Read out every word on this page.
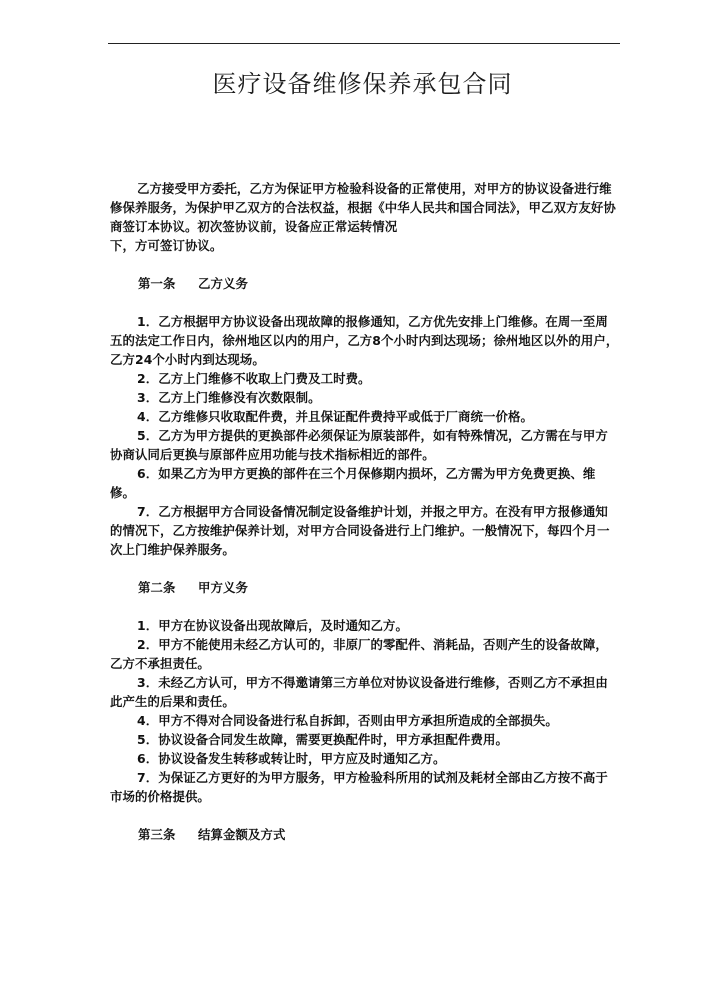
医疗设备维修保养承包合同

乙方接受甲方委托，乙方为保证甲方检验科设备的正常使用，对甲方的协议设备进行维修保养服务，为保护甲乙双方的合法权益，根据《中华人民共和国合同法》，甲乙双方友好协商签订本协议。初次签协议前，设备应正常运转情况

下，方可签订协议。

第一条 乙方义务

1．乙方根据甲方协议设备出现故障的报修通知，乙方优先安排上门维修。在周一至周五的法定工作日内，徐州地区以内的用户，乙方8个小时内到达现场；徐州地区以外的用户，乙方24个小时内到达现场。

2．乙方上门维修不收取上门费及工时费。

3．乙方上门维修没有次数限制。

4．乙方维修只收取配件费，并且保证配件费持平或低于厂商统一价格。

5．乙方为甲方提供的更换部件必须保证为原装部件，如有特殊情况，乙方需在与甲方协商认同后更换与原部件应用功能与技术指标相近的部件。

6．如果乙方为甲方更换的部件在三个月保修期内损坏，乙方需为甲方免费更换、维修。

7．乙方根据甲方合同设备情况制定设备维护计划，并报之甲方。在没有甲方报修通知的情况下，乙方按维护保养计划，对甲方合同设备进行上门维护。一般情况下，每四个月一次上门维护保养服务。

第二条 甲方义务

1．甲方在协议设备出现故障后，及时通知乙方。

2．甲方不能使用未经乙方认可的，非原厂的零配件、消耗品，否则产生的设备故障，乙方不承担责任。

3．未经乙方认可，甲方不得邀请第三方单位对协议设备进行维修，否则乙方不承担由此产生的后果和责任。

4．甲方不得对合同设备进行私自拆卸，否则由甲方承担所造成的全部损失。

5．协议设备合同发生故障，需要更换配件时，甲方承担配件费用。

6．协议设备发生转移或转让时，甲方应及时通知乙方。

7．为保证乙方更好的为甲方服务，甲方检验科所用的试剂及耗材全部由乙方按不高于市场的价格提供。

第三条 结算金额及方式
